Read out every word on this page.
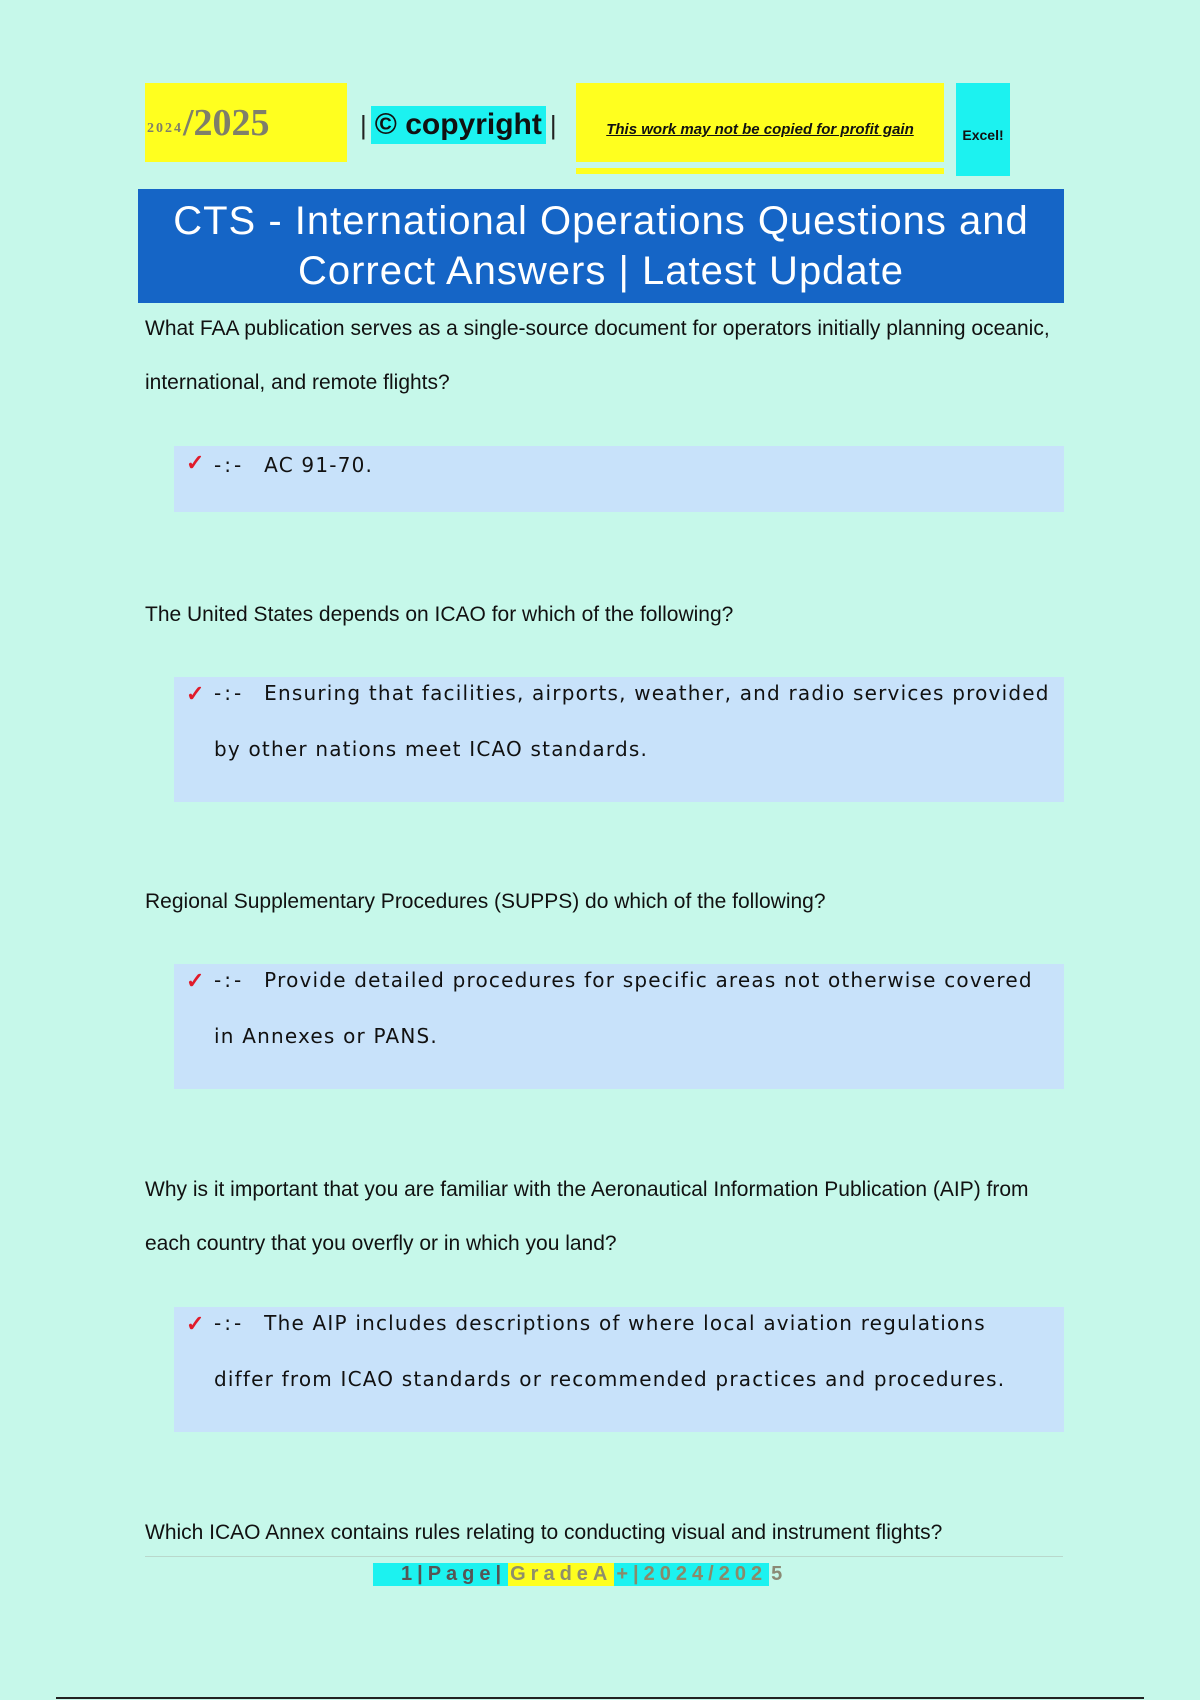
2024 /2025	| © copyright |	This work may not be copied for profit gain	Excel!
CTS - International Operations Questions and
Correct Answers | Latest Update
What FAA publication serves as a single-source document for operators initially planning oceanic, international, and remote flights?
✓ -:- AC 91-70.
The United States depends on ICAO for which of the following?
✓ -:- Ensuring that facilities, airports, weather, and radio services provided by other nations meet ICAO standards.
Regional Supplementary Procedures (SUPPS) do which of the following?
✓ -:- Provide detailed procedures for specific areas not otherwise covered in Annexes or PANS.
Why is it important that you are familiar with the Aeronautical Information Publication (AIP) from each country that you overfly or in which you land?
✓ -:- The AIP includes descriptions of where local aviation regulations differ from ICAO standards or recommended practices and procedures.
Which ICAO Annex contains rules relating to conducting visual and instrument flights?
1|Page| GradeA +|2024/202 5
